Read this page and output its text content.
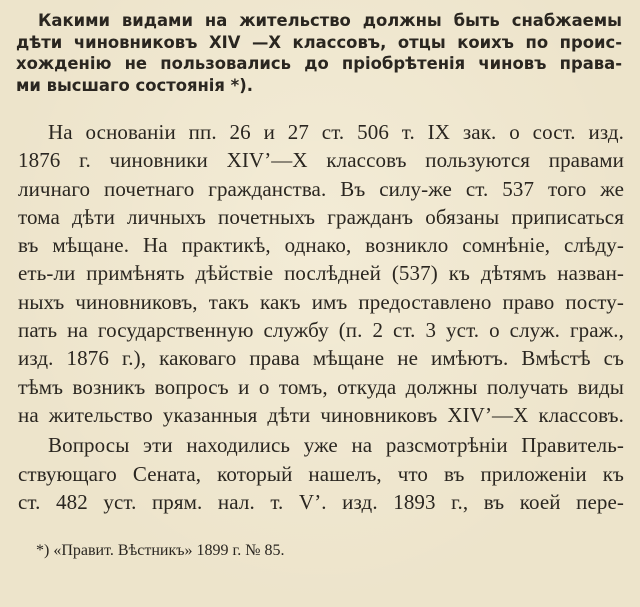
Какими видами на жительство должны быть снабжаемы
дѣти чиновниковъ XIV —X классовъ, отцы коихъ по проис-
хожденію не пользовались до пріобрѣтенія чиновъ права-
ми высшаго состоянія *).
На основаніи пп. 26 и 27 ст. 506 т. IX зак. о сост. изд.
1876 г. чиновники XIVʼ—X классовъ пользуются правами
личнаго почетнаго гражданства. Въ силу-же ст. 537 того же
тома дѣти личныхъ почетныхъ гражданъ обязаны приписаться
въ мѣщане. На практикѣ, однако, возникло сомнѣніе, слѣду-
еть-ли примѣнять дѣйствіе послѣдней (537) къ дѣтямъ назван-
ныхъ чиновниковъ, такъ какъ имъ предоставлено право посту-
пать на государственную службу (п. 2 ст. 3 уст. о служ. граж.,
изд. 1876 г.), каковаго права мѣщане не имѣютъ. Вмѣстѣ съ
тѣмъ возникъ вопросъ и о томъ, откуда должны получать виды
на жительство указанныя дѣти чиновниковъ XIVʼ—X классовъ.
Вопросы эти находились уже на разсмотрѣніи Правитель-
ствующаго Сената, который нашелъ, что въ приложеніи къ
ст. 482 уст. прям. нал. т. Vʼ. изд. 1893 г., въ коей пере-
*) «Правит. Вѣстникъ» 1899 г. № 85.
